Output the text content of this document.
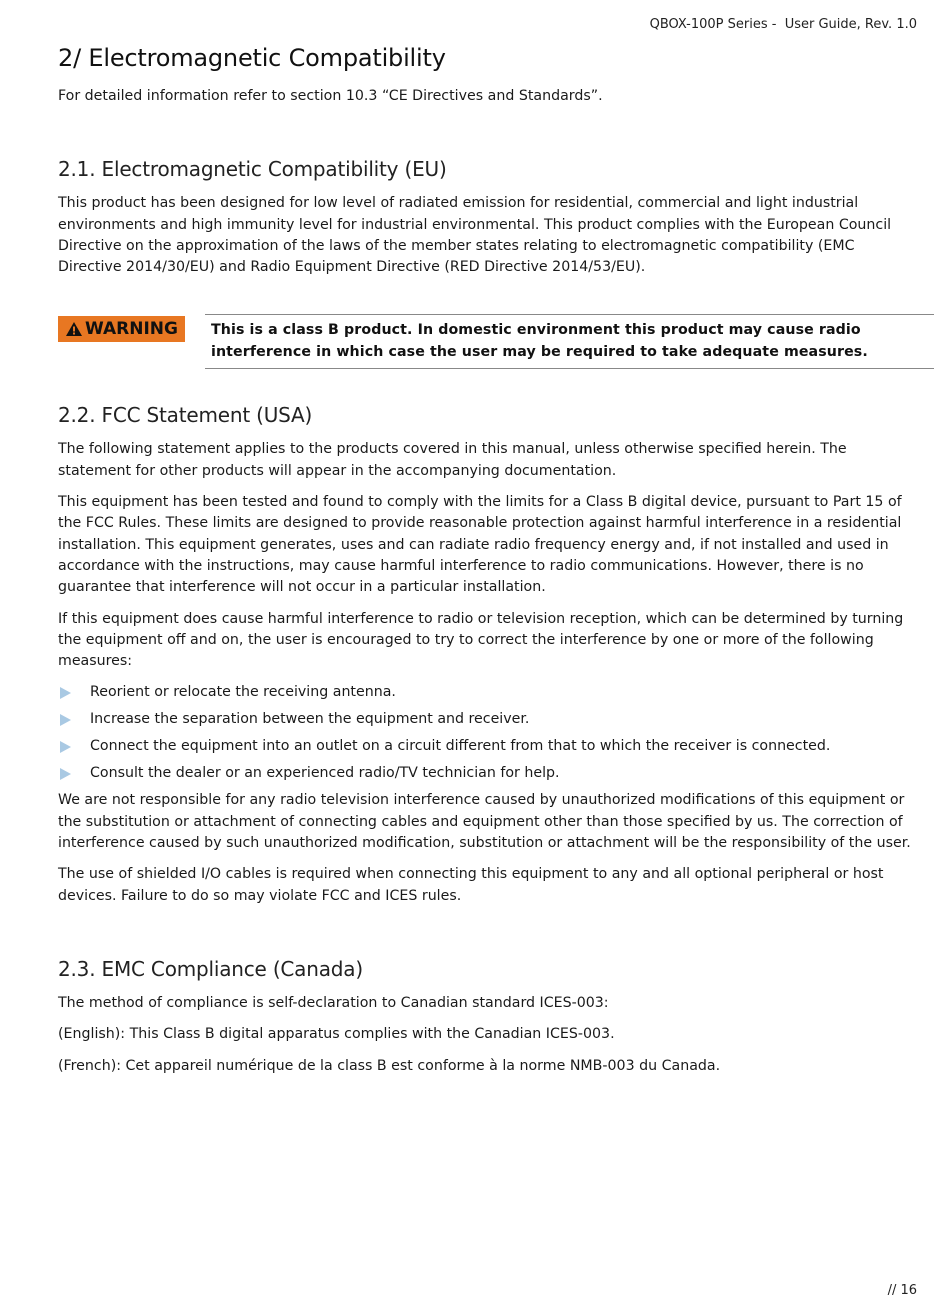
QBOX-100P Series -  User Guide, Rev. 1.0
2/ Electromagnetic Compatibility

For detailed information refer to section 10.3 “CE Directives and Standards”.

2.1. Electromagnetic Compatibility (EU)

This product has been designed for low level of radiated emission for residential, commercial and light industrial environments and high immunity level for industrial environmental. This product complies with the European Council Directive on the approximation of the laws of the member states relating to electromagnetic compatibility (EMC Directive 2014/30/EU) and Radio Equipment Directive (RED Directive 2014/53/EU).

WARNING	This is a class B product. In domestic environment this product may cause radio interference in which case the user may be required to take adequate measures.
2.2. FCC Statement (USA)

The following statement applies to the products covered in this manual, unless otherwise specified herein. The statement for other products will appear in the accompanying documentation.

This equipment has been tested and found to comply with the limits for a Class B digital device, pursuant to Part 15 of the FCC Rules. These limits are designed to provide reasonable protection against harmful interference in a residential installation. This equipment generates, uses and can radiate radio frequency energy and, if not installed and used in accordance with the instructions, may cause harmful interference to radio communications. However, there is no guarantee that interference will not occur in a particular installation.

If this equipment does cause harmful interference to radio or television reception, which can be determined by turning the equipment off and on, the user is encouraged to try to correct the interference by one or more of the following measures:

Reorient or relocate the receiving antenna.
Increase the separation between the equipment and receiver.
Connect the equipment into an outlet on a circuit different from that to which the receiver is connected.
Consult the dealer or an experienced radio/TV technician for help.

We are not responsible for any radio television interference caused by unauthorized modifications of this equipment or the substitution or attachment of connecting cables and equipment other than those specified by us. The correction of interference caused by such unauthorized modification, substitution or attachment will be the responsibility of the user.

The use of shielded I/O cables is required when connecting this equipment to any and all optional peripheral or host devices. Failure to do so may violate FCC and ICES rules.

2.3. EMC Compliance (Canada)

The method of compliance is self-declaration to Canadian standard ICES-003:

(English): This Class B digital apparatus complies with the Canadian ICES-003.

(French): Cet appareil numérique de la class B est conforme à la norme NMB-003 du Canada.

// 16
